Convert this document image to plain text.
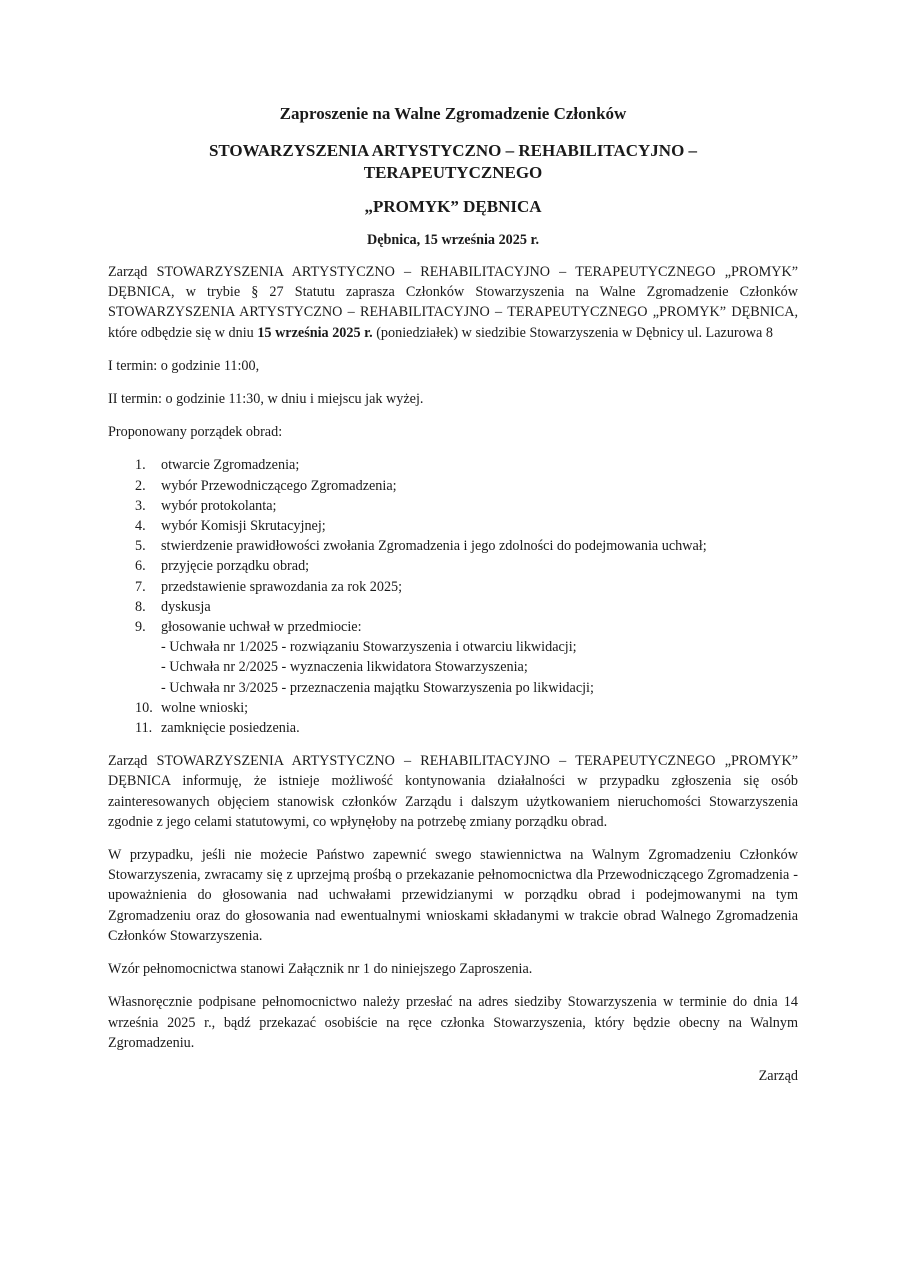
Zaproszenie na Walne Zgromadzenie Członków
STOWARZYSZENIA ARTYSTYCZNO – REHABILITACYJNO –
TERAPEUTYCZNEGO
„PROMYK” DĘBNICA
Dębnica, 15 września 2025 r.

Zarząd STOWARZYSZENIA ARTYSTYCZNO – REHABILITACYJNO – TERAPEUTYCZNEGO „PROMYK” DĘBNICA, w trybie § 27 Statutu zaprasza Członków Stowarzyszenia na Walne Zgromadzenie Członków STOWARZYSZENIA ARTYSTYCZNO – REHABILITACYJNO – TERAPEUTYCZNEGO „PROMYK” DĘBNICA, które odbędzie się w dniu 15 września 2025 r. (poniedziałek) w siedzibie Stowarzyszenia w Dębnicy ul. Lazurowa 8

I termin: o godzinie 11:00,

II termin: o godzinie 11:30, w dniu i miejscu jak wyżej.

Proponowany porządek obrad:

1.	otwarcie Zgromadzenia;
2.	wybór Przewodniczącego Zgromadzenia;
3.	wybór protokolanta;
4.	wybór Komisji Skrutacyjnej;
5.	stwierdzenie prawidłowości zwołania Zgromadzenia i jego zdolności do podejmowania uchwał;
6.	przyjęcie porządku obrad;
7.	przedstawienie sprawozdania za rok 2025;
8.	dyskusja
9.	głosowanie uchwał w przedmiocie:
- Uchwała nr 1/2025 - rozwiązaniu Stowarzyszenia i otwarciu likwidacji;
- Uchwała nr 2/2025 - wyznaczenia likwidatora Stowarzyszenia;
- Uchwała nr 3/2025 - przeznaczenia majątku Stowarzyszenia po likwidacji;
10. wolne wnioski;
11. zamknięcie posiedzenia.

Zarząd STOWARZYSZENIA ARTYSTYCZNO – REHABILITACYJNO – TERAPEUTYCZNEGO „PROMYK” DĘBNICA informuję, że istnieje możliwość kontynowania działalności w przypadku zgłoszenia się osób zainteresowanych objęciem stanowisk członków Zarządu i dalszym użytkowaniem nieruchomości Stowarzyszenia zgodnie z jego celami statutowymi, co wpłynęłoby na potrzebę zmiany porządku obrad.

W przypadku, jeśli nie możecie Państwo zapewnić swego stawiennictwa na Walnym Zgromadzeniu Członków Stowarzyszenia, zwracamy się z uprzejmą prośbą o przekazanie pełnomocnictwa dla Przewodniczącego Zgromadzenia - upoważnienia do głosowania nad uchwałami przewidzianymi w porządku obrad i podejmowanymi na tym Zgromadzeniu oraz do głosowania nad ewentualnymi wnioskami składanymi w trakcie obrad Walnego Zgromadzenia Członków Stowarzyszenia.

Wzór pełnomocnictwa stanowi Załącznik nr 1 do niniejszego Zaproszenia.

Własnoręcznie podpisane pełnomocnictwo należy przesłać na adres siedziby Stowarzyszenia w terminie do dnia 14 września 2025 r., bądź przekazać osobiście na ręce członka Stowarzyszenia, który będzie obecny na Walnym Zgromadzeniu.

Zarząd
